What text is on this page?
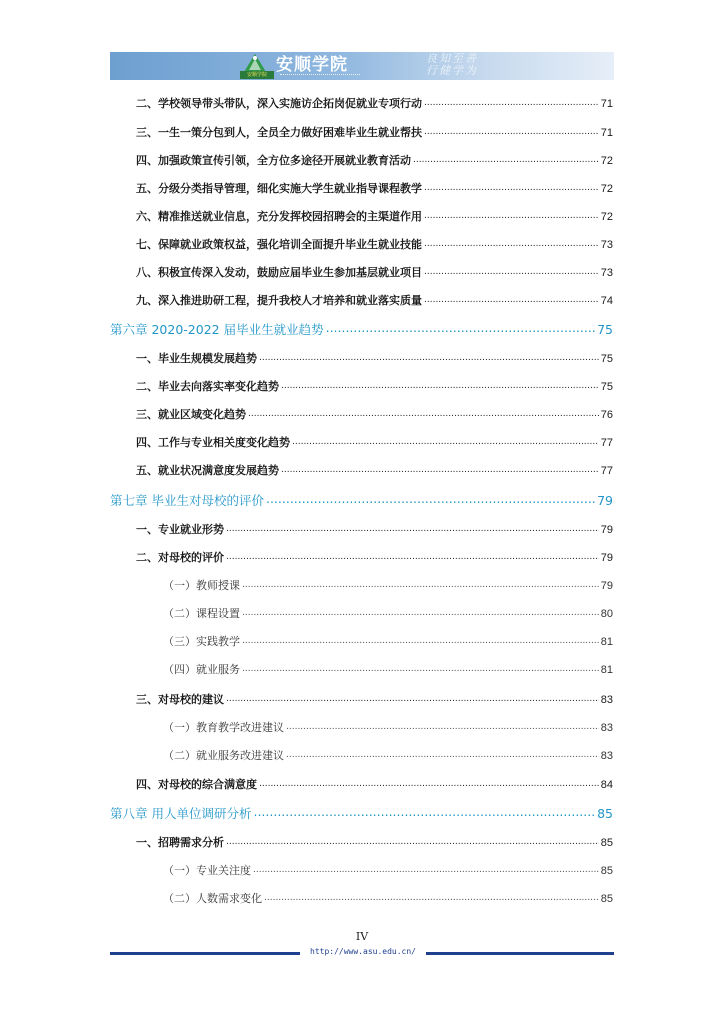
安顺学院 安顺学院	良知至善
行健学为
二、学校领导带头带队，深入实施访企拓岗促就业专项行动 .....	71
三、一生一策分包到人，全员全力做好困难毕业生就业帮扶 .....	71
四、加强政策宣传引领，全方位多途径开展就业教育活动 .....	72
五、分级分类指导管理，细化实施大学生就业指导课程教学 .....	72
六、精准推送就业信息，充分发挥校园招聘会的主渠道作用 .....	72
七、保障就业政策权益，强化培训全面提升毕业生就业技能 .....	73
八、积极宣传深入发动，鼓励应届毕业生参加基层就业项目 .....	73
九、深入推进助研工程，提升我校人才培养和就业落实质量 .....	74
第六章 2020-2022 届毕业生就业趋势 .....	75
一、毕业生规模发展趋势 .....	75
二、毕业去向落实率变化趋势 .....	75
三、就业区域变化趋势 .....	76
四、工作与专业相关度变化趋势 .....	77
五、就业状况满意度发展趋势 .....	77
第七章 毕业生对母校的评价 .....	79
一、专业就业形势 .....	79
二、对母校的评价 .....	79
（一）教师授课 .....	79
（二）课程设置 .....	80
（三）实践教学 .....	81
（四）就业服务 .....	81
三、对母校的建议 .....	83
（一）教育教学改进建议 .....	83
（二）就业服务改进建议 .....	83
四、对母校的综合满意度 .....	84
第八章 用人单位调研分析 .....	85
一、招聘需求分析 .....	85
（一）专业关注度 .....	85
（二）人数需求变化 .....	85
IV
http://www.asu.edu.cn/
